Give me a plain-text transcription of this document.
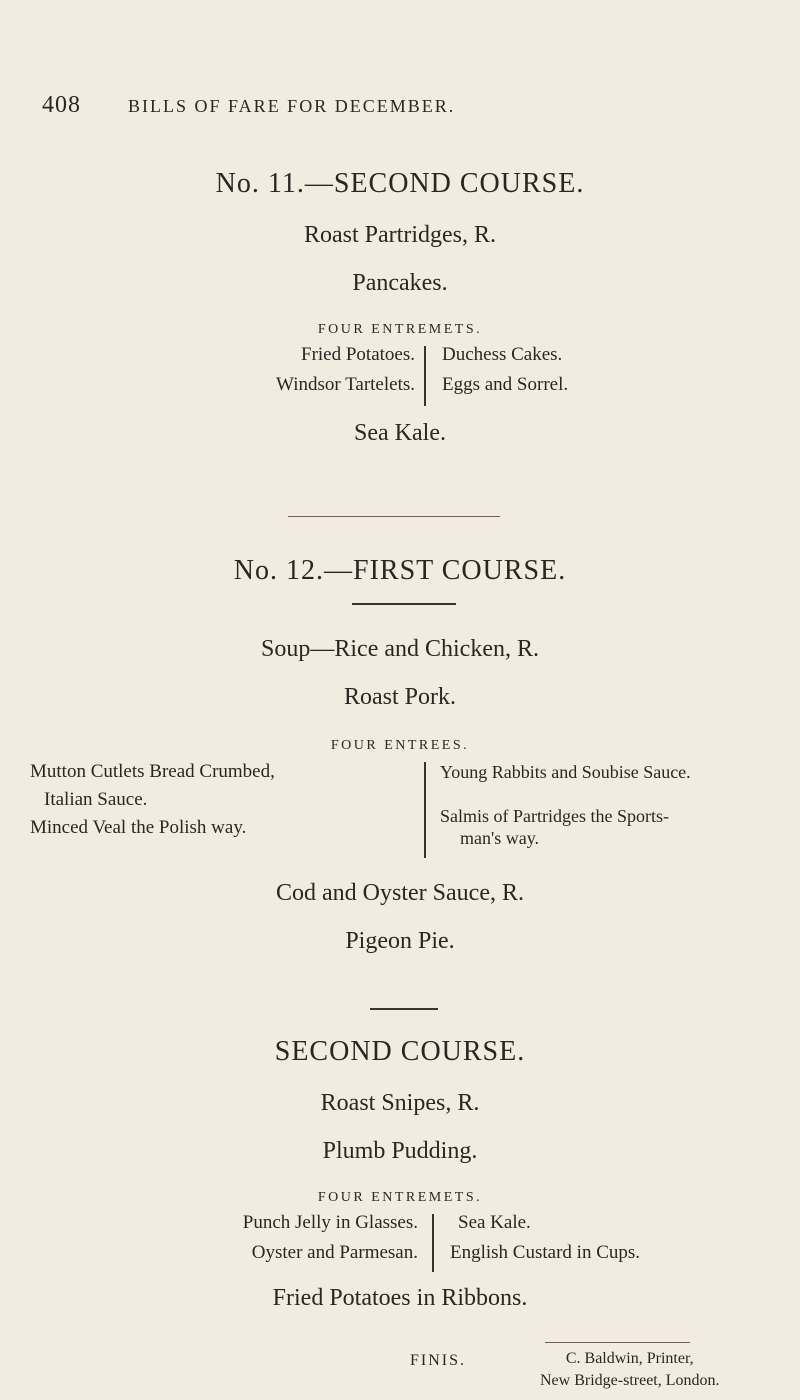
408	BILLS OF FARE FOR DECEMBER.
No. 11.—SECOND COURSE.
Roast Partridges, R.
Pancakes.
FOUR ENTREMETS.
Fried Potatoes.
Windsor Tartelets.
Duchess Cakes.
Eggs and Sorrel.
Sea Kale.
No. 12.—FIRST COURSE.
Soup—Rice and Chicken, R.
Roast Pork.
FOUR ENTREES.
Mutton Cutlets Bread Crumbed,
Italian Sauce.
Minced Veal the Polish way.
Young Rabbits and Soubise Sauce.
Salmis of Partridges the Sports-
man's way.
Cod and Oyster Sauce, R.
Pigeon Pie.
SECOND COURSE.
Roast Snipes, R.
Plumb Pudding.
FOUR ENTREMETS.
Punch Jelly in Glasses.
Oyster and Parmesan.
Sea Kale.
English Custard in Cups.
Fried Potatoes in Ribbons.
FINIS.	C. Baldwin, Printer,
New Bridge-street, London.
